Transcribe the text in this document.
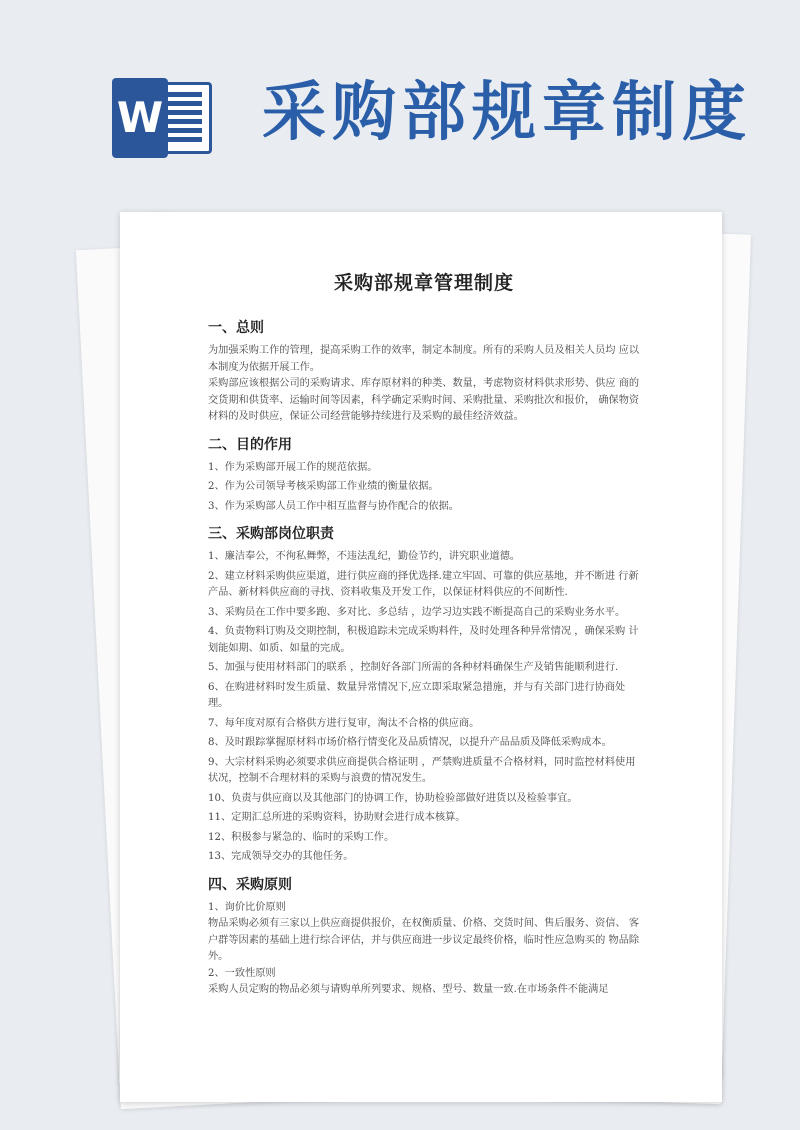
W 采购部规章制度
采购部规章管理制度
一、总则

为加强采购工作的管理，提高采购工作的效率，制定本制度。所有的采购人员及相关人员均 应以本制度为依据开展工作。

采购部应该根据公司的采购请求、库存原材料的种类、数量，考虑物资材料供求形势、供应 商的交货期和供货率、运输时间等因素，科学确定采购时间、采购批量、采购批次和报价， 确保物资材料的及时供应，保证公司经营能够持续进行及采购的最佳经济效益。

二、目的作用

1、作为采购部开展工作的规范依据。

2、作为公司领导考核采购部工作业绩的衡量依据。

3、作为采购部人员工作中相互监督与协作配合的依据。

三、采购部岗位职责

1、廉洁奉公，不徇私舞弊，不违法乱纪，勤俭节约，讲究职业道德。

2、建立材料采购供应渠道，进行供应商的择优选择.建立牢固、可靠的供应基地，并不断进 行新产品、新材料供应商的寻找、资料收集及开发工作，以保证材料供应的不间断性.

3、采购员在工作中要多跑、多对比、多总结 ，边学习边实践不断提高自己的采购业务水平。

4、负责物料订购及交期控制，积极追踪未完成采购料件，及时处理各种异常情况 ，确保采购 计划能如期、如质、如量的完成。

5、加强与使用材料部门的联系 ，控制好各部门所需的各种材料确保生产及销售能顺利进行.

6、在购进材料时发生质量、数量异常情况下,应立即采取紧急措施，并与有关部门进行协商处理。

7、每年度对原有合格供方进行复审，淘汰不合格的供应商。

8、及时跟踪掌握原材料市场价格行情变化及品质情况，以提升产品品质及降低采购成本。

9、大宗材料采购必须要求供应商提供合格证明 ，严禁购进质量不合格材料，同时监控材料使用状况，控制不合理材料的采购与浪费的情况发生。

10、负责与供应商以及其他部门的协调工作，协助检验部做好进货以及检验事宜。

11、定期汇总所进的采购资料，协助财会进行成本核算。

12、积极参与紧急的、临时的采购工作。

13、完成领导交办的其他任务。

四、采购原则

1、询价比价原则

物品采购必须有三家以上供应商提供报价，在权衡质量、价格、交货时间、售后服务、资信、 客户群等因素的基础上进行综合评估，并与供应商进一步议定最终价格，临时性应急购买的 物品除外。

2、一致性原则

采购人员定购的物品必须与请购单所列要求、规格、型号、数量一致.在市场条件不能满足
